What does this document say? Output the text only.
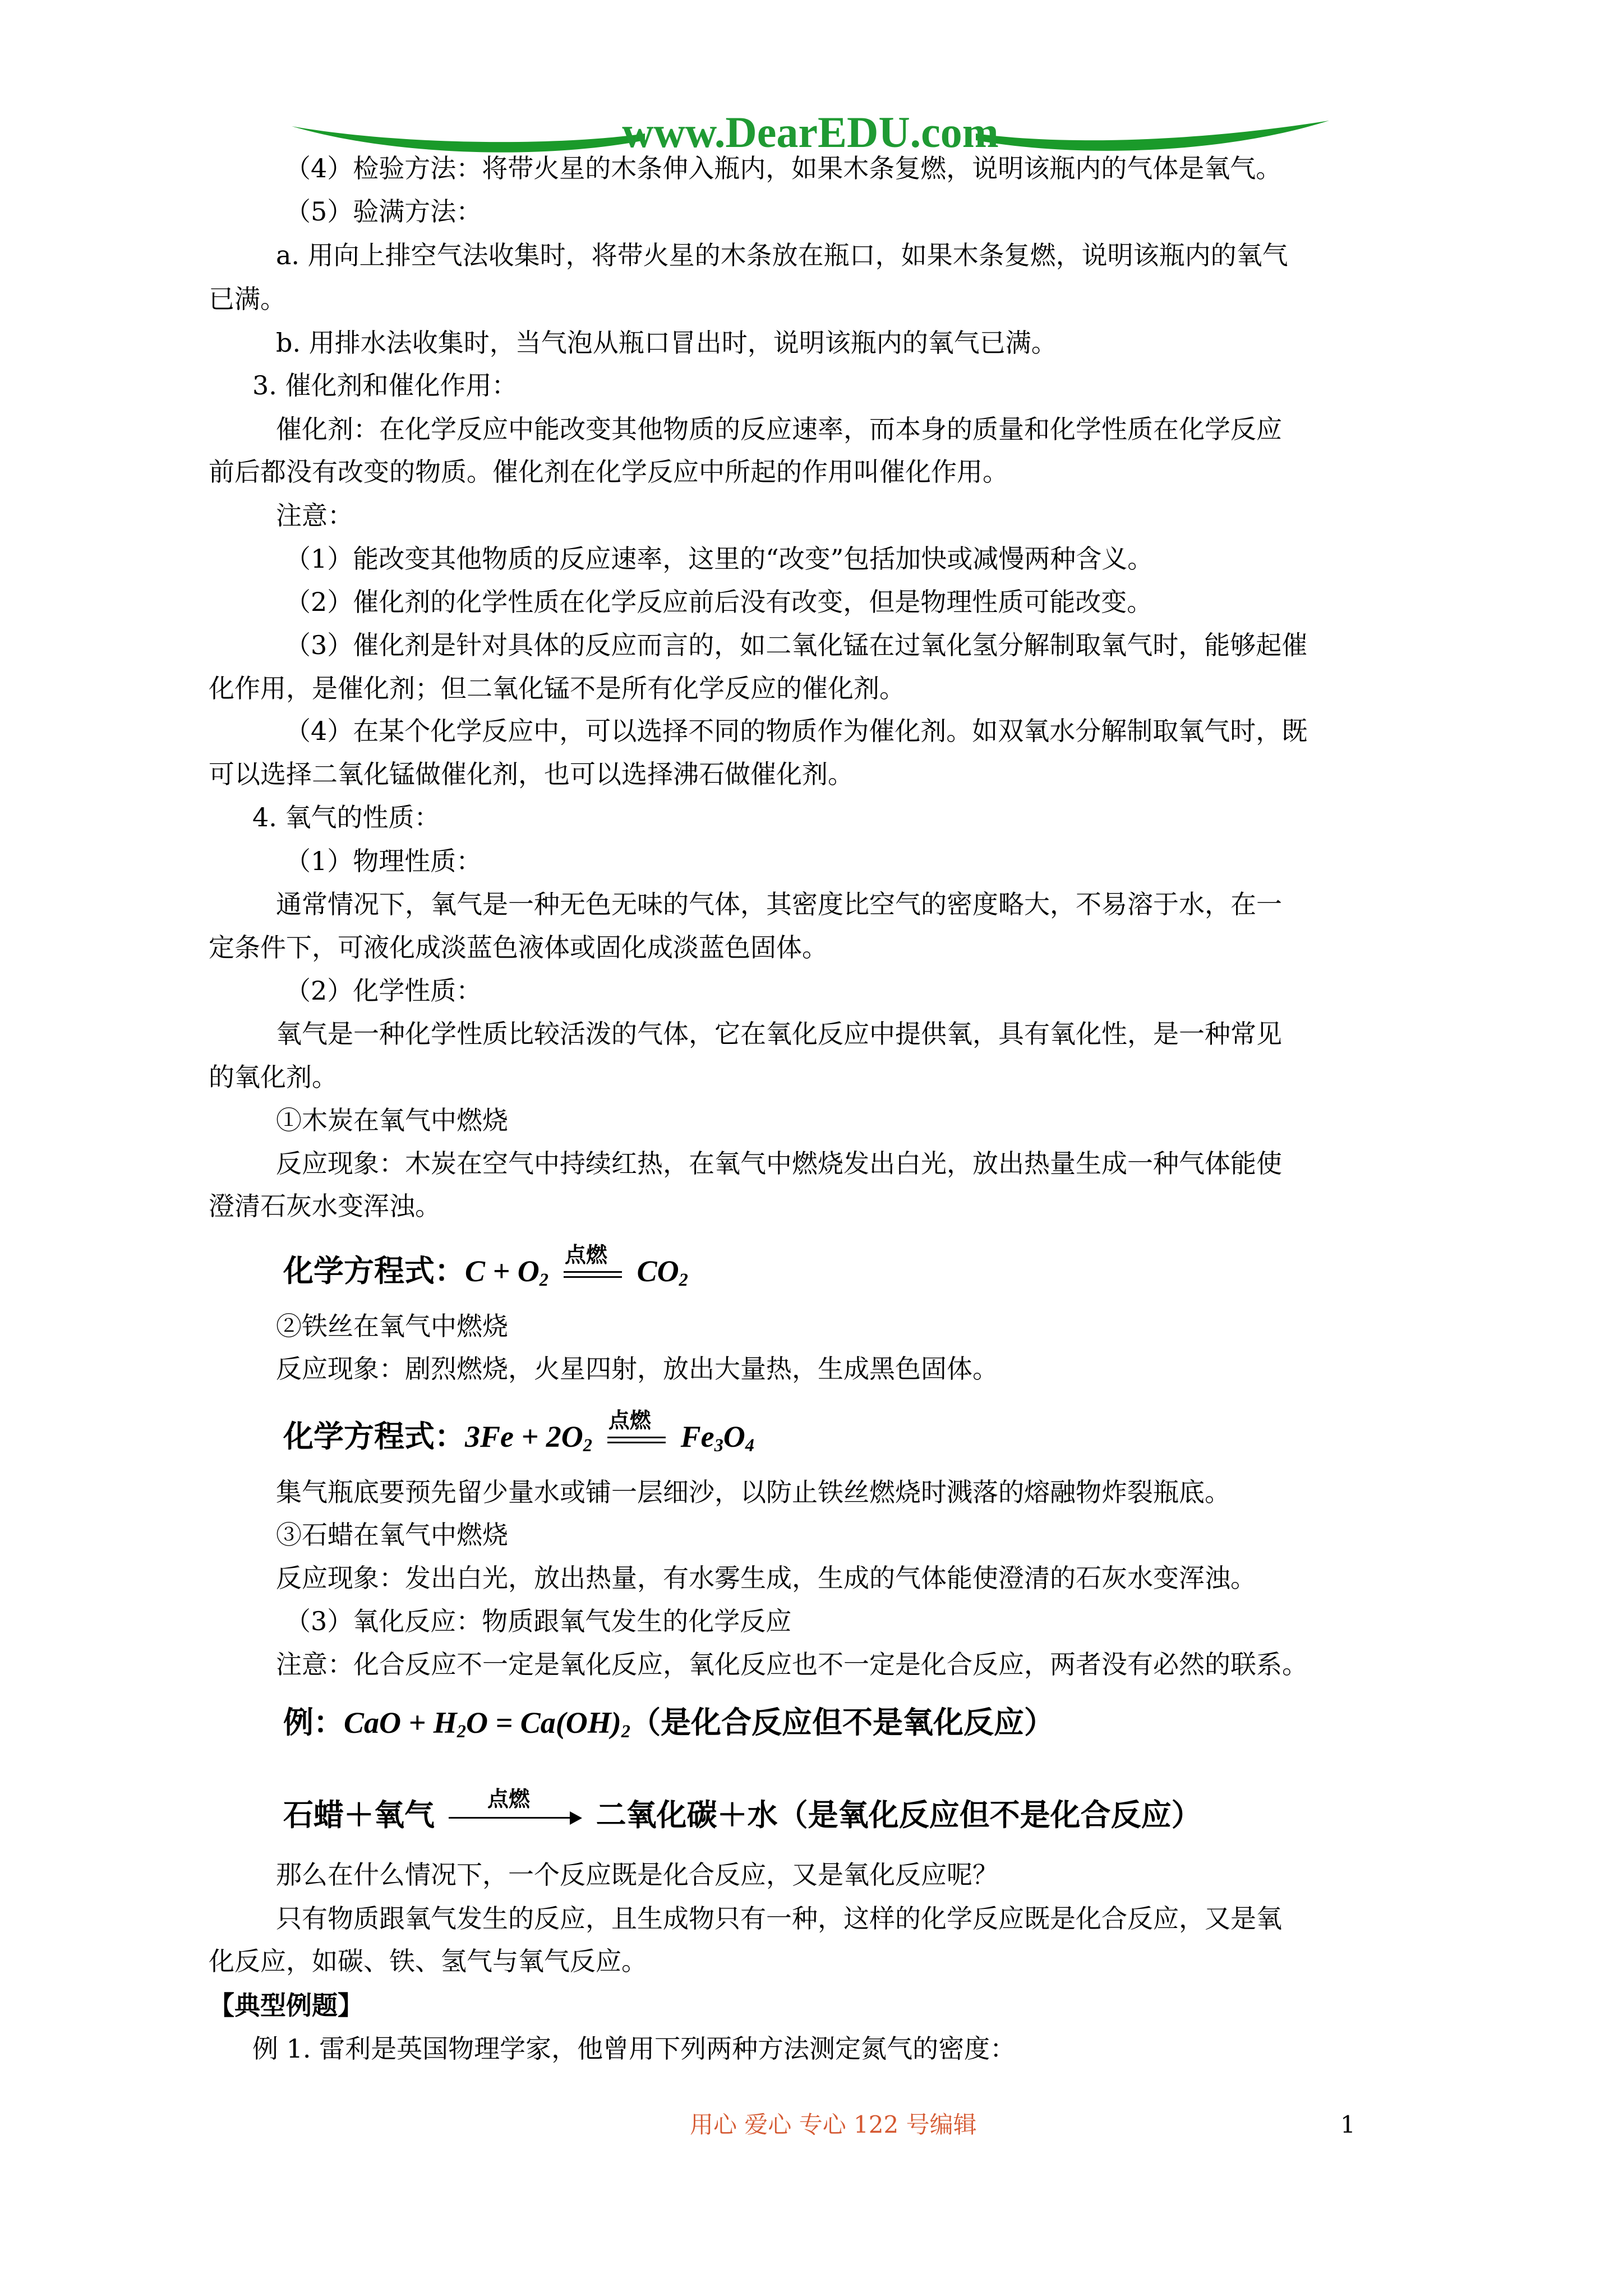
www.DearEDU.com
（4）检验方法：将带火星的木条伸入瓶内，如果木条复燃，说明该瓶内的气体是氧气。
（5）验满方法：
a. 用向上排空气法收集时，将带火星的木条放在瓶口，如果木条复燃，说明该瓶内的氧气
已满。
b. 用排水法收集时，当气泡从瓶口冒出时，说明该瓶内的氧气已满。
3. 催化剂和催化作用：
催化剂：在化学反应中能改变其他物质的反应速率，而本身的质量和化学性质在化学反应
前后都没有改变的物质。催化剂在化学反应中所起的作用叫催化作用。
注意：
（1）能改变其他物质的反应速率，这里的“改变”包括加快或减慢两种含义。
（2）催化剂的化学性质在化学反应前后没有改变，但是物理性质可能改变。
（3）催化剂是针对具体的反应而言的，如二氧化锰在过氧化氢分解制取氧气时，能够起催
化作用，是催化剂；但二氧化锰不是所有化学反应的催化剂。
（4）在某个化学反应中，可以选择不同的物质作为催化剂。如双氧水分解制取氧气时，既
可以选择二氧化锰做催化剂，也可以选择沸石做催化剂。
4. 氧气的性质：
（1）物理性质：
通常情况下，氧气是一种无色无味的气体，其密度比空气的密度略大，不易溶于水，在一
定条件下，可液化成淡蓝色液体或固化成淡蓝色固体。
（2）化学性质：
氧气是一种化学性质比较活泼的气体，它在氧化反应中提供氧，具有氧化性，是一种常见
的氧化剂。
①木炭在氧气中燃烧
反应现象：木炭在空气中持续红热，在氧气中燃烧发出白光，放出热量生成一种气体能使
澄清石灰水变浑浊。
化学方程式：$C + O_2$
点燃 $CO_2$
②铁丝在氧气中燃烧
反应现象：剧烈燃烧，火星四射，放出大量热，生成黑色固体。
化学方程式：$3Fe + 2O_2$
点燃 $Fe_3O_4$
集气瓶底要预先留少量水或铺一层细沙，以防止铁丝燃烧时溅落的熔融物炸裂瓶底。
③石蜡在氧气中燃烧
反应现象：发出白光，放出热量，有水雾生成，生成的气体能使澄清的石灰水变浑浊。
（3）氧化反应：物质跟氧气发生的化学反应
注意：化合反应不一定是氧化反应，氧化反应也不一定是化合反应，两者没有必然的联系。
例：CaO + $H_2O = Ca(OH)_2$（是化合反应但不是氧化反应）
石蜡＋氧气 点燃 二氧化碳＋水（是氧化反应但不是化合反应）
那么在什么情况下，一个反应既是化合反应，又是氧化反应呢？
只有物质跟氧气发生的反应，且生成物只有一种，这样的化学反应既是化合反应，又是氧
化反应，如碳、铁、氢气与氧气反应。
【典型例题】
例 1. 雷利是英国物理学家，他曾用下列两种方法测定氮气的密度：
用心 爱心 专心 122 号编辑	1
